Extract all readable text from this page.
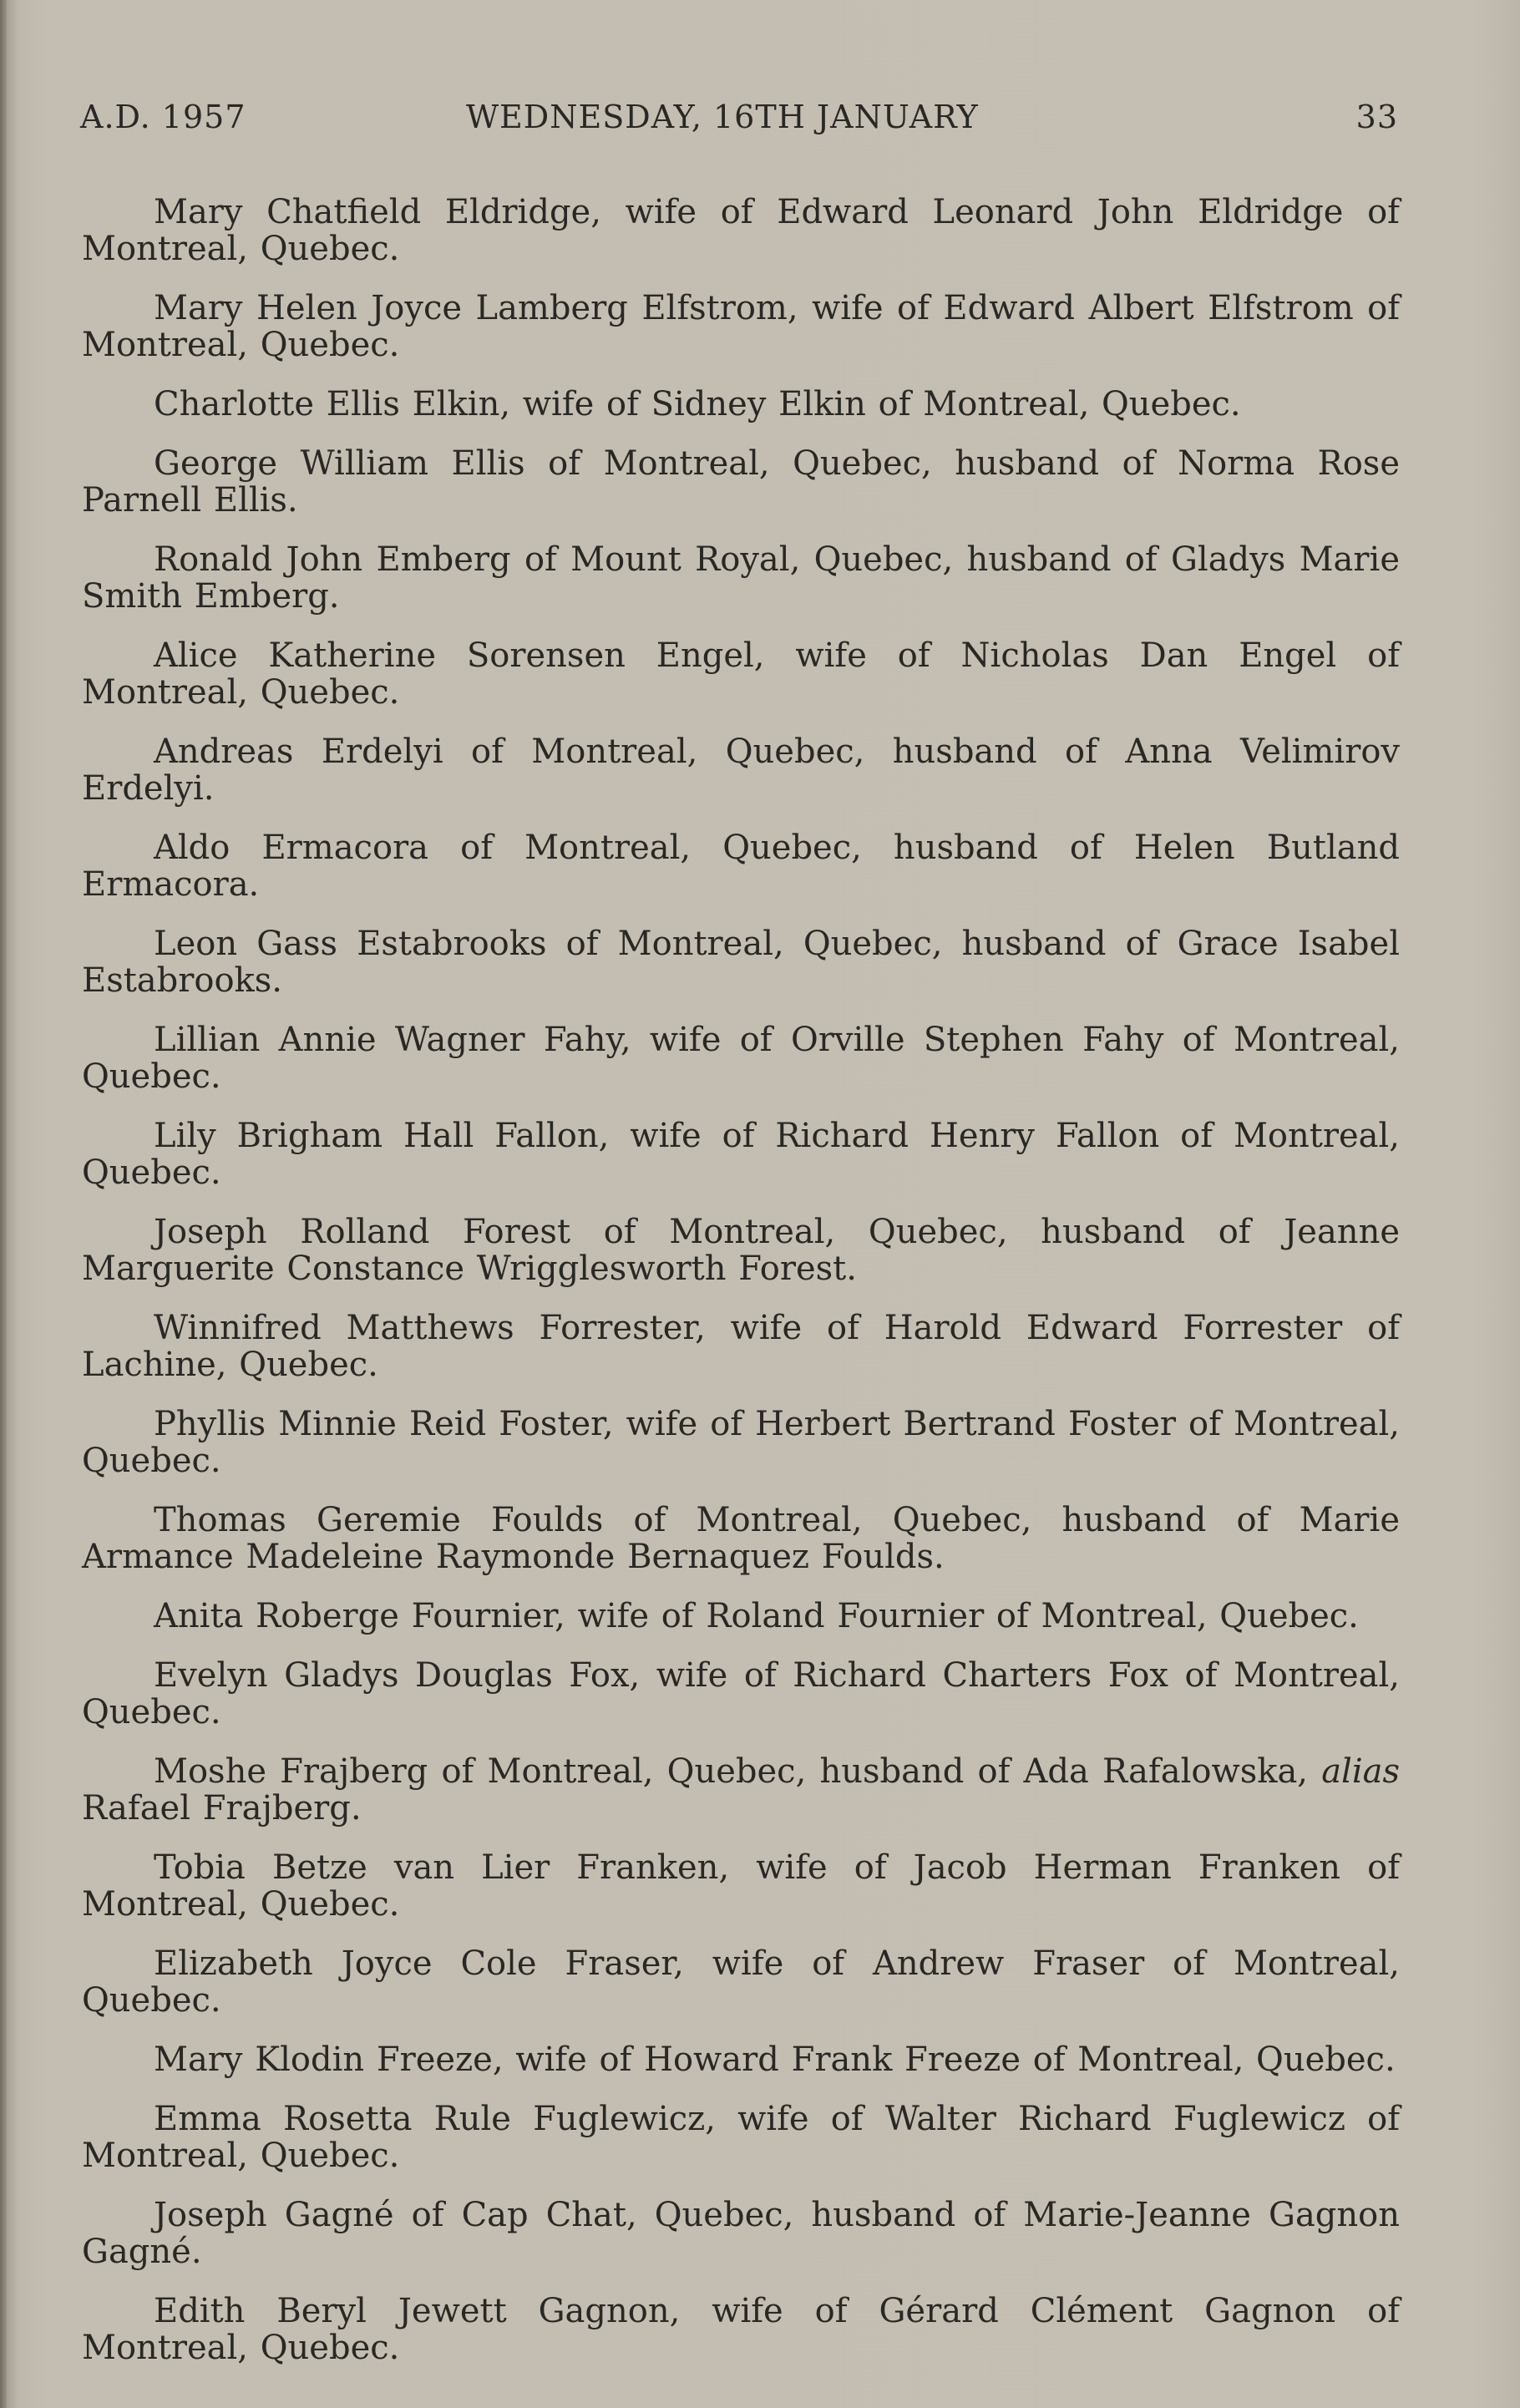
A.D. 1957	WEDNESDAY, 16TH JANUARY	33

Mary Chatfield Eldridge, wife of Edward Leonard John Eldridge of Montreal, Quebec.

Mary Helen Joyce Lamberg Elfstrom, wife of Edward Albert Elfstrom of Montreal, Quebec.

Charlotte Ellis Elkin, wife of Sidney Elkin of Montreal, Quebec.

George William Ellis of Montreal, Quebec, husband of Norma Rose Parnell Ellis.

Ronald John Emberg of Mount Royal, Quebec, husband of Gladys Marie Smith Emberg.

Alice Katherine Sorensen Engel, wife of Nicholas Dan Engel of Montreal, Quebec.

Andreas Erdelyi of Montreal, Quebec, husband of Anna Velimirov Erdelyi.

Aldo Ermacora of Montreal, Quebec, husband of Helen Butland Ermacora.

Leon Gass Estabrooks of Montreal, Quebec, husband of Grace Isabel Estabrooks.

Lillian Annie Wagner Fahy, wife of Orville Stephen Fahy of Montreal, Quebec.

Lily Brigham Hall Fallon, wife of Richard Henry Fallon of Montreal, Quebec.

Joseph Rolland Forest of Montreal, Quebec, husband of Jeanne Marguerite Constance Wrigglesworth Forest.

Winnifred Matthews Forrester, wife of Harold Edward Forrester of Lachine, Quebec.

Phyllis Minnie Reid Foster, wife of Herbert Bertrand Foster of Montreal, Quebec.

Thomas Geremie Foulds of Montreal, Quebec, husband of Marie Armance Madeleine Raymonde Bernaquez Foulds.

Anita Roberge Fournier, wife of Roland Fournier of Montreal, Quebec.

Evelyn Gladys Douglas Fox, wife of Richard Charters Fox of Montreal, Quebec.

Moshe Frajberg of Montreal, Quebec, husband of Ada Rafalowska, alias Rafael Frajberg.

Tobia Betze van Lier Franken, wife of Jacob Herman Franken of Montreal, Quebec.

Elizabeth Joyce Cole Fraser, wife of Andrew Fraser of Montreal, Quebec.

Mary Klodin Freeze, wife of Howard Frank Freeze of Montreal, Quebec.

Emma Rosetta Rule Fuglewicz, wife of Walter Richard Fuglewicz of Montreal, Quebec.

Joseph Gagné of Cap Chat, Quebec, husband of Marie-Jeanne Gagnon Gagné.

Edith Beryl Jewett Gagnon, wife of Gérard Clément Gagnon of Montreal, Quebec.
